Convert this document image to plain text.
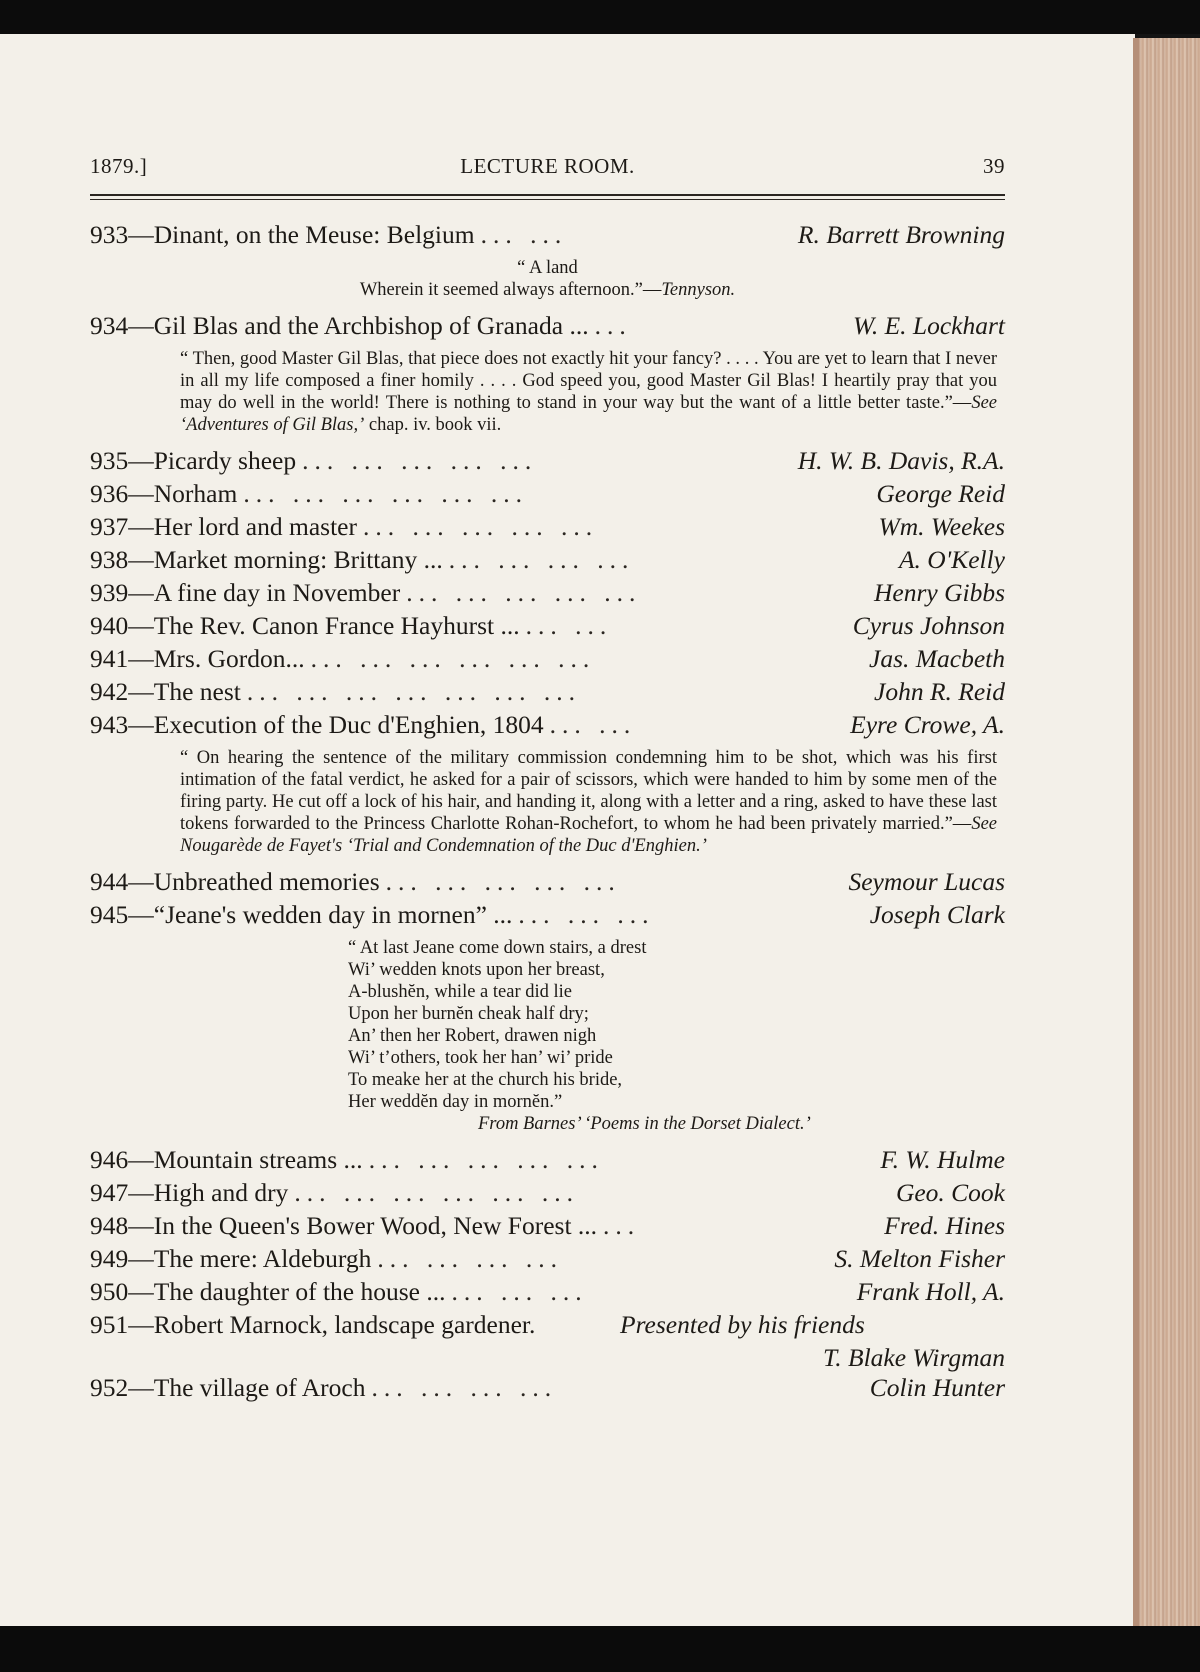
1879.]	LECTURE ROOM.	39
933— Dinant, on the Meuse: Belgium ... ...	R. Barrett Browning
“ A land
Wherein it seemed always afternoon.”—Tennyson.
934— Gil Blas and the Archbishop of Granada ... ...	W. E. Lockhart
“ Then, good Master Gil Blas, that piece does not exactly hit your fancy? . . . . You are yet to learn that I never in all my life composed a finer homily . . . . God speed you, good Master Gil Blas! I heartily pray that you may do well in the world! There is nothing to stand in your way but the want of a little better taste.”—See ‘Adventures of Gil Blas,’ chap. iv. book vii.
935— Picardy sheep ... ... ... ... ...	H. W. B. Davis, R.A.
936— Norham ... ... ... ... ... ...	George Reid
937— Her lord and master ... ... ... ... ...	Wm. Weekes
938— Market morning: Brittany ... ... ... ... ...	A. O'Kelly
939— A fine day in November ... ... ... ... ...	Henry Gibbs
940— The Rev. Canon France Hayhurst ... ... ...	Cyrus Johnson
941— Mrs. Gordon... ... ... ... ... ... ...	Jas. Macbeth
942— The nest ... ... ... ... ... ... ...	John R. Reid
943— Execution of the Duc d'Enghien, 1804 ... ...	Eyre Crowe, A.
“ On hearing the sentence of the military commission condemning him to be shot, which was his first intimation of the fatal verdict, he asked for a pair of scissors, which were handed to him by some men of the firing party. He cut off a lock of his hair, and handing it, along with a letter and a ring, asked to have these last tokens forwarded to the Princess Charlotte Rohan-Rochefort, to whom he had been privately married.”—See Nougarède de Fayet's ‘Trial and Condemnation of the Duc d'Enghien.’
944— Unbreathed memories ... ... ... ... ...	Seymour Lucas
945— “Jeane's wedden day in mornen” ... ... ... ...	Joseph Clark
“ At last Jeane come down stairs, a drest
Wi’ wedden knots upon her breast,
A-blushĕn, while a tear did lie
Upon her burnĕn cheak half dry;
An’ then her Robert, drawen nigh
Wi’ t’others, took her han’ wi’ pride
To meake her at the church his bride,
Her weddĕn day in mornĕn.”
From Barnes’ ‘Poems in the Dorset Dialect.’
946— Mountain streams ... ... ... ... ... ...	F. W. Hulme
947— High and dry ... ... ... ... ... ...	Geo. Cook
948— In the Queen's Bower Wood, New Forest ... ...	Fred. Hines
949— The mere: Aldeburgh ... ... ... ...	S. Melton Fisher
950— The daughter of the house ... ... ... ...	Frank Holl, A.
951—Robert Marnock, landscape gardener.	Presented by his friends
T. Blake Wirgman
952— The village of Aroch ... ... ... ...	Colin Hunter
